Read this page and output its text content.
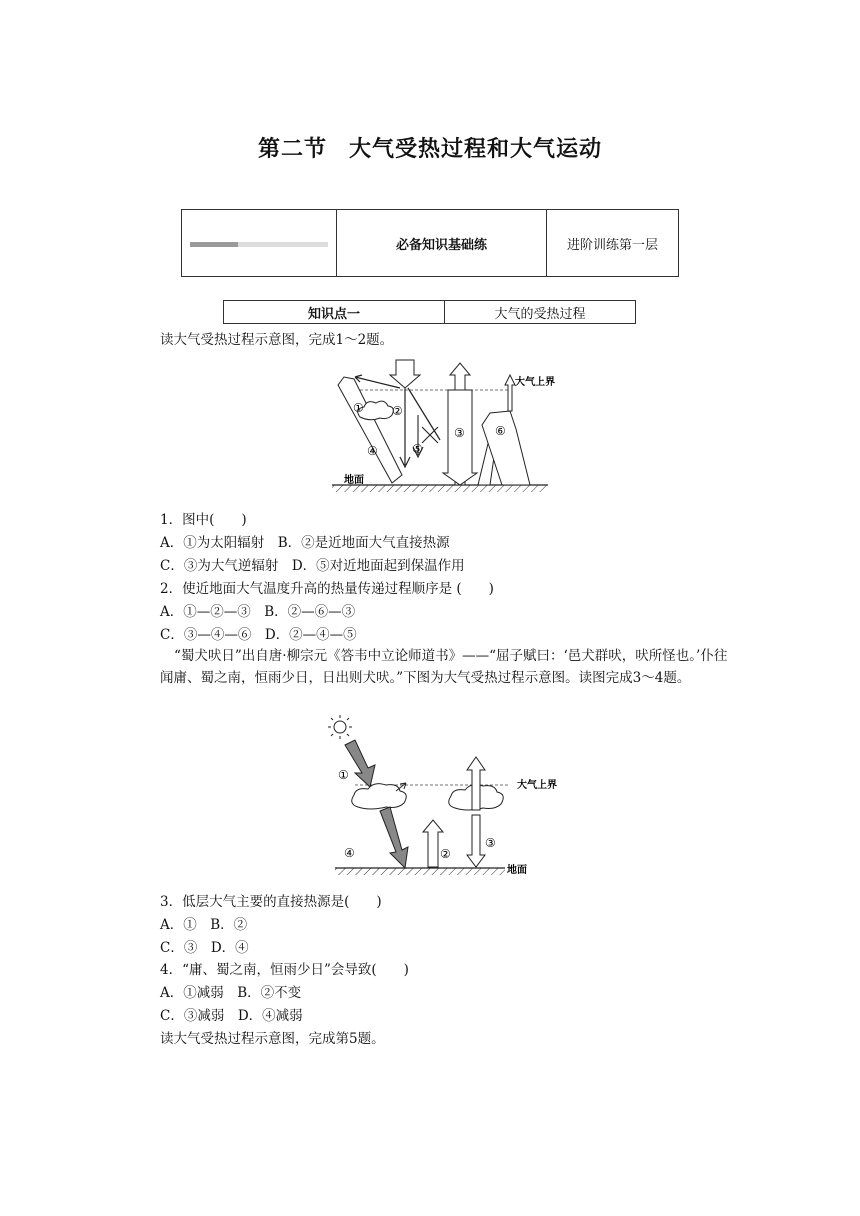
第二节 大气受热过程和大气运动
必备知识基础练	进阶训练第一层
知识点一	大气的受热过程
读大气受热过程示意图，完成1～2题。
大气上界
地面
① ②
③
④	⑤
⑥
1．图中(　　)
A．①为太阳辐射　B．②是近地面大气直接热源
C．③为大气逆辐射　D．⑤对近地面起到保温作用
2．使近地面大气温度升高的热量传递过程顺序是 (　　)
A．①—②—③　B．②—⑥—③
C．③—④—⑥　D．②—④—⑤
“蜀犬吠日”出自唐·柳宗元《答韦中立论师道书》——“屈子赋曰：‘邑犬群吠，吠所怪也。’仆往闻庸、蜀之南，恒雨少日，日出则犬吠。”下图为大气受热过程示意图。读图完成3～4题。
大气上界
地面
①
②
③
④
3．低层大气主要的直接热源是(　　)
A．①　B．②
C．③　D．④
4．“庸、蜀之南，恒雨少日”会导致(　　)
A．①减弱　B．②不变
C．③减弱　D．④减弱
读大气受热过程示意图，完成第5题。
